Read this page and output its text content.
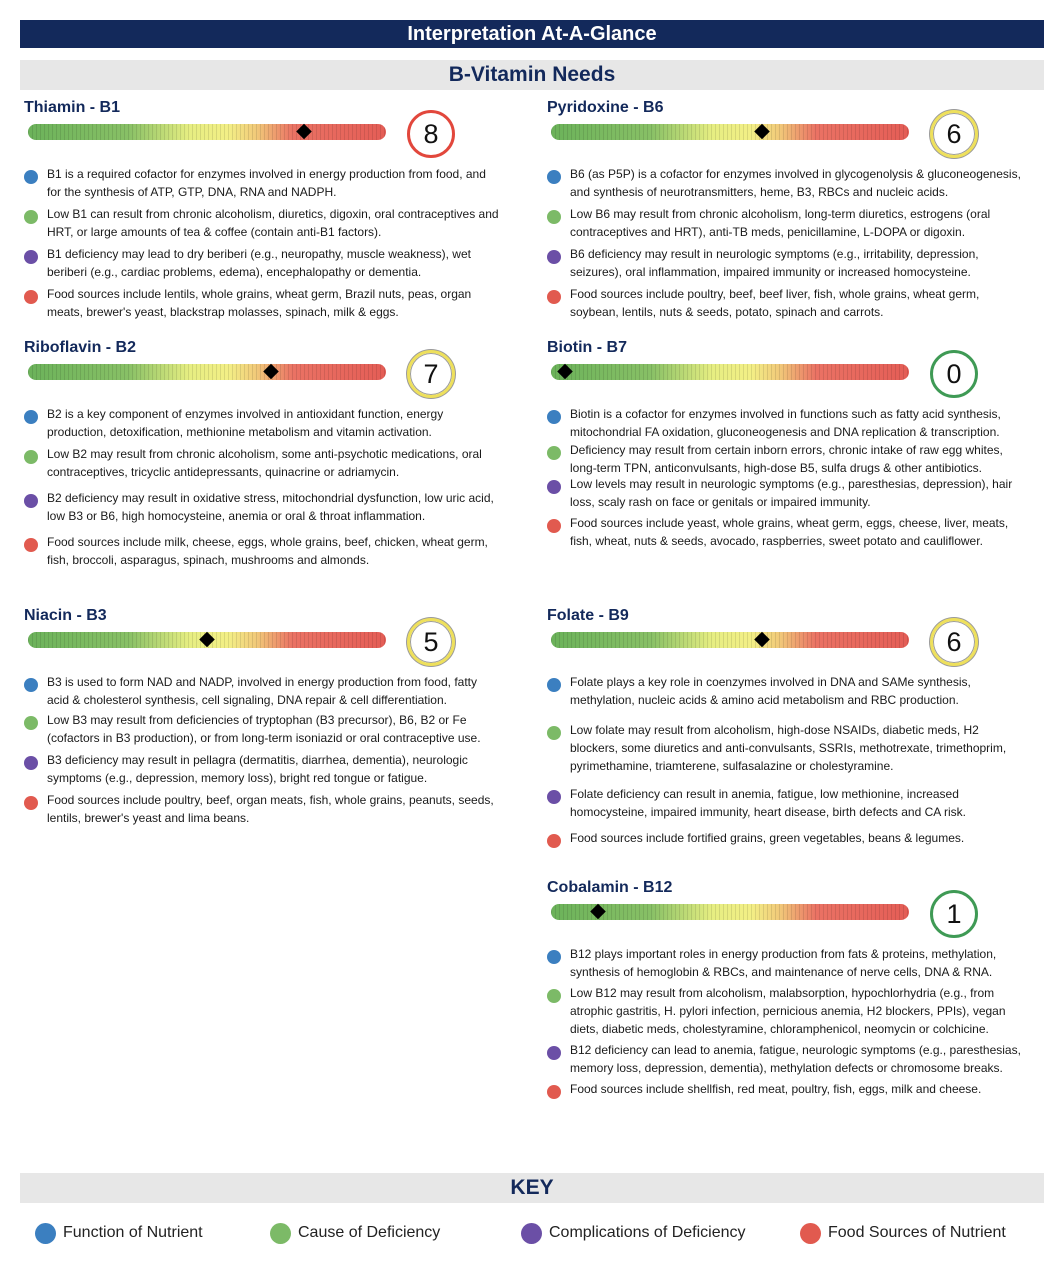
Interpretation At-A-Glance
B-Vitamin Needs
Thiamin - B1
8
B1 is a required cofactor for enzymes involved in energy production from food, and for the synthesis of ATP, GTP, DNA, RNA and NADPH.
Low B1 can result from chronic alcoholism, diuretics, digoxin, oral contraceptives and HRT, or large amounts of tea & coffee (contain anti-B1 factors).
B1 deficiency may lead to dry beriberi (e.g., neuropathy, muscle weakness), wet beriberi (e.g., cardiac problems, edema), encephalopathy or dementia.
Food sources include lentils, whole grains, wheat germ, Brazil nuts, peas, organ meats, brewer's yeast, blackstrap molasses, spinach, milk & eggs.
Pyridoxine - B6
6
B6 (as P5P) is a cofactor for enzymes involved in glycogenolysis & gluconeogenesis, and synthesis of neurotransmitters, heme, B3, RBCs and nucleic acids.
Low B6 may result from chronic alcoholism, long-term diuretics, estrogens (oral contraceptives and HRT), anti-TB meds, penicillamine, L-DOPA or digoxin.
B6 deficiency may result in neurologic symptoms (e.g., irritability, depression, seizures), oral inflammation, impaired immunity or increased homocysteine.
Food sources include poultry, beef, beef liver, fish, whole grains, wheat germ, soybean, lentils, nuts & seeds, potato, spinach and carrots.
Riboflavin - B2
7
B2 is a key component of enzymes involved in antioxidant function, energy production, detoxification, methionine metabolism and vitamin activation.
Low B2 may result from chronic alcoholism, some anti-psychotic medications, oral contraceptives, tricyclic antidepressants, quinacrine or adriamycin.
B2 deficiency may result in oxidative stress, mitochondrial dysfunction, low uric acid, low B3 or B6, high homocysteine, anemia or oral & throat inflammation.
Food sources include milk, cheese, eggs, whole grains, beef, chicken, wheat germ, fish, broccoli, asparagus, spinach, mushrooms and almonds.
Biotin - B7
0
Biotin is a cofactor for enzymes involved in functions such as fatty acid synthesis, mitochondrial FA oxidation, gluconeogenesis and DNA replication & transcription.
Deficiency may result from certain inborn errors, chronic intake of raw egg whites, long-term TPN, anticonvulsants, high-dose B5, sulfa drugs & other antibiotics.
Low levels may result in neurologic symptoms (e.g., paresthesias, depression), hair loss, scaly rash on face or genitals or impaired immunity.
Food sources include yeast, whole grains, wheat germ, eggs, cheese, liver, meats, fish, wheat, nuts & seeds, avocado, raspberries, sweet potato and cauliflower.
Niacin - B3
5
B3 is used to form NAD and NADP, involved in energy production from food, fatty acid & cholesterol synthesis, cell signaling, DNA repair & cell differentiation.
Low B3 may result from deficiencies of tryptophan (B3 precursor), B6, B2 or Fe (cofactors in B3 production), or from long-term isoniazid or oral contraceptive use.
B3 deficiency may result in pellagra (dermatitis, diarrhea, dementia), neurologic symptoms (e.g., depression, memory loss), bright red tongue or fatigue.
Food sources include poultry, beef, organ meats, fish, whole grains, peanuts, seeds, lentils, brewer's yeast and lima beans.
Folate - B9
6
Folate plays a key role in coenzymes involved in DNA and SAMe synthesis, methylation, nucleic acids & amino acid metabolism and RBC production.
Low folate may result from alcoholism, high-dose NSAIDs, diabetic meds, H2 blockers, some diuretics and anti-convulsants, SSRIs, methotrexate, trimethoprim, pyrimethamine, triamterene, sulfasalazine or cholestyramine.
Folate deficiency can result in anemia, fatigue, low methionine, increased homocysteine, impaired immunity, heart disease, birth defects and CA risk.
Food sources include fortified grains, green vegetables, beans & legumes.
Cobalamin - B12
1
B12 plays important roles in energy production from fats & proteins, methylation, synthesis of hemoglobin & RBCs, and maintenance of nerve cells, DNA & RNA.
Low B12 may result from alcoholism, malabsorption, hypochlorhydria (e.g., from atrophic gastritis, H. pylori infection, pernicious anemia, H2 blockers, PPIs), vegan diets, diabetic meds, cholestyramine, chloramphenicol, neomycin or colchicine.
B12 deficiency can lead to anemia, fatigue, neurologic symptoms (e.g., paresthesias, memory loss, depression, dementia), methylation defects or chromosome breaks.
Food sources include shellfish, red meat, poultry, fish, eggs, milk and cheese.
KEY
Function of Nutrient	Cause of Deficiency	Complications of Deficiency	Food Sources of Nutrient
